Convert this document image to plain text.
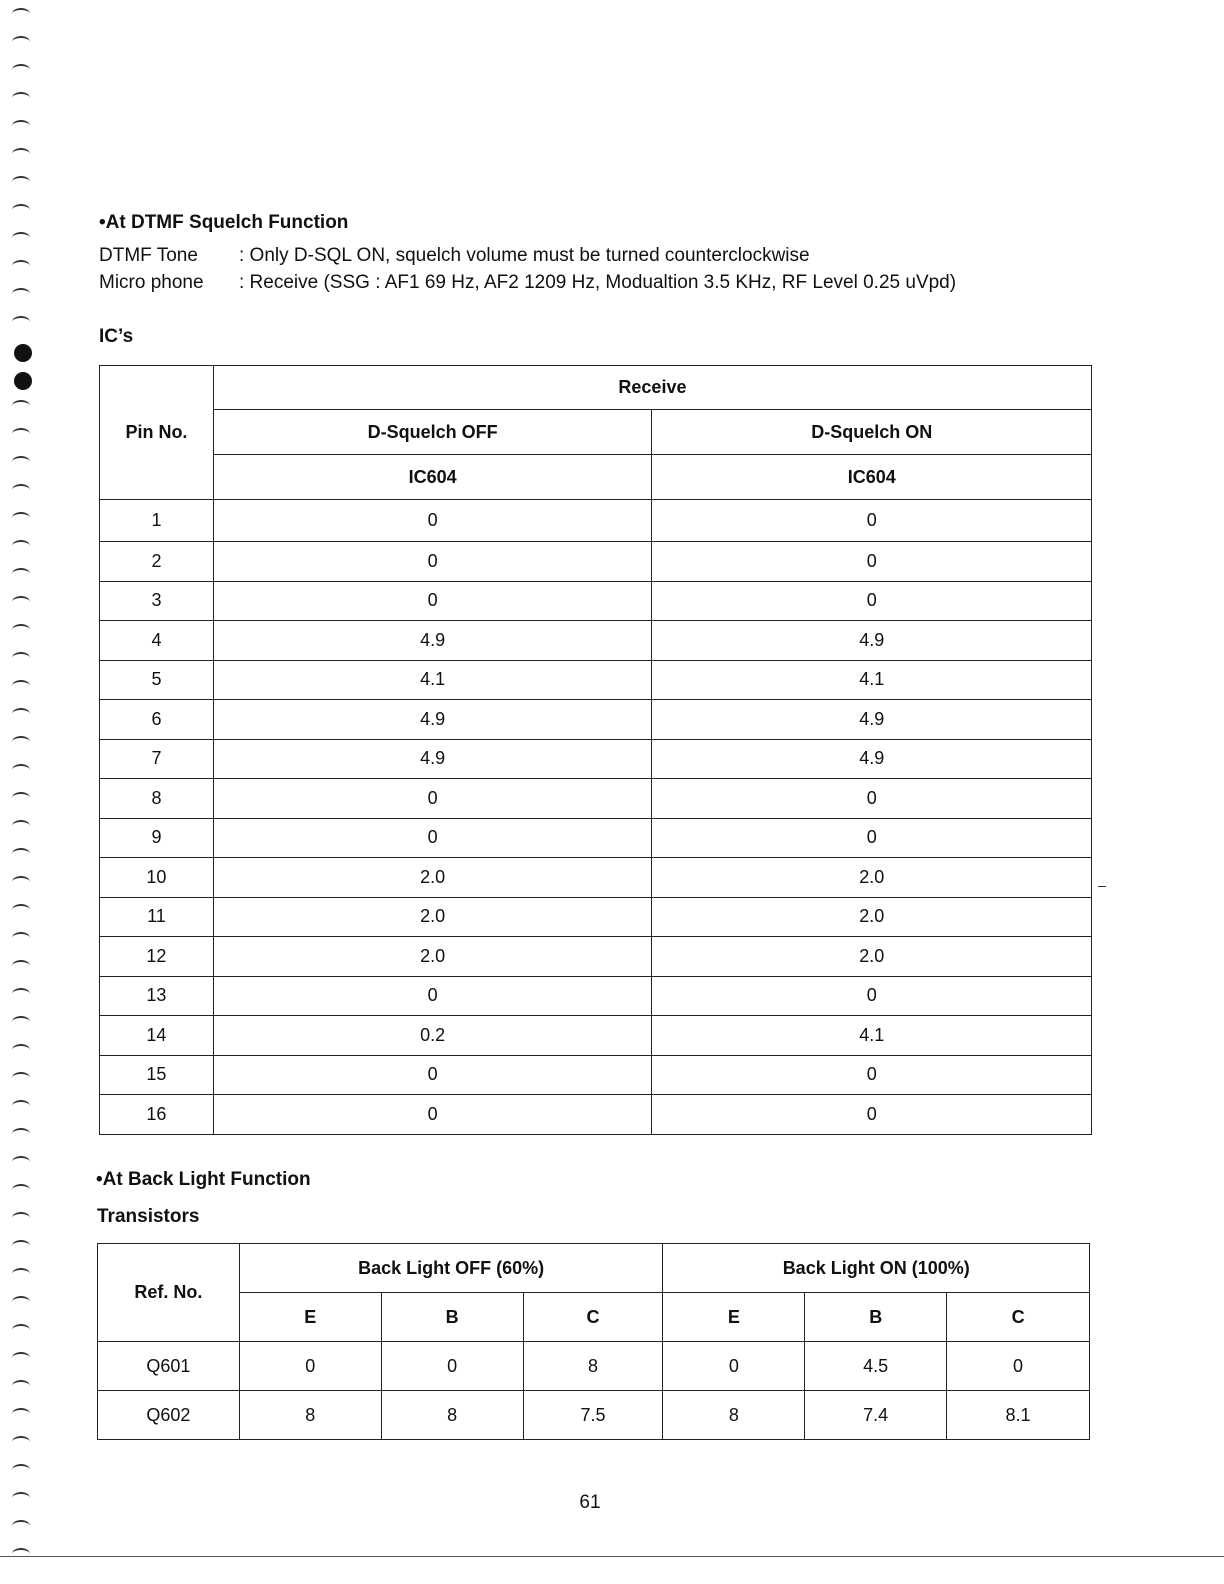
•At DTMF Squelch Function
DTMF Tone : Only D-SQL ON, squelch volume must be turned counterclockwise
Micro phone : Receive (SSG : AF1 69 Hz, AF2 1209 Hz, Modualtion 3.5 KHz, RF Level 0.25 uVpd)
IC’s
Pin No.	Receive	
	D-Squelch OFF	D-Squelch ON
	IC604	IC604
1	0	0
2	0	0
3	0	0
4	4.9	4.9
5	4.1	4.1
6	4.9	4.9
7	4.9	4.9
8	0	0
9	0	0
10	2.0	2.0
11	2.0	2.0
12	2.0	2.0
13	0	0
14	0.2	4.1
15	0	0
16	0	0
•At Back Light Function
Transistors
Ref. No.	Back Light OFF (60%)			Back Light ON (100%)		
	E	B	C	E	B	C
Q601	0	0	8	0	4.5	0
Q602	8	8	7.5	8	7.4	8.1
61
